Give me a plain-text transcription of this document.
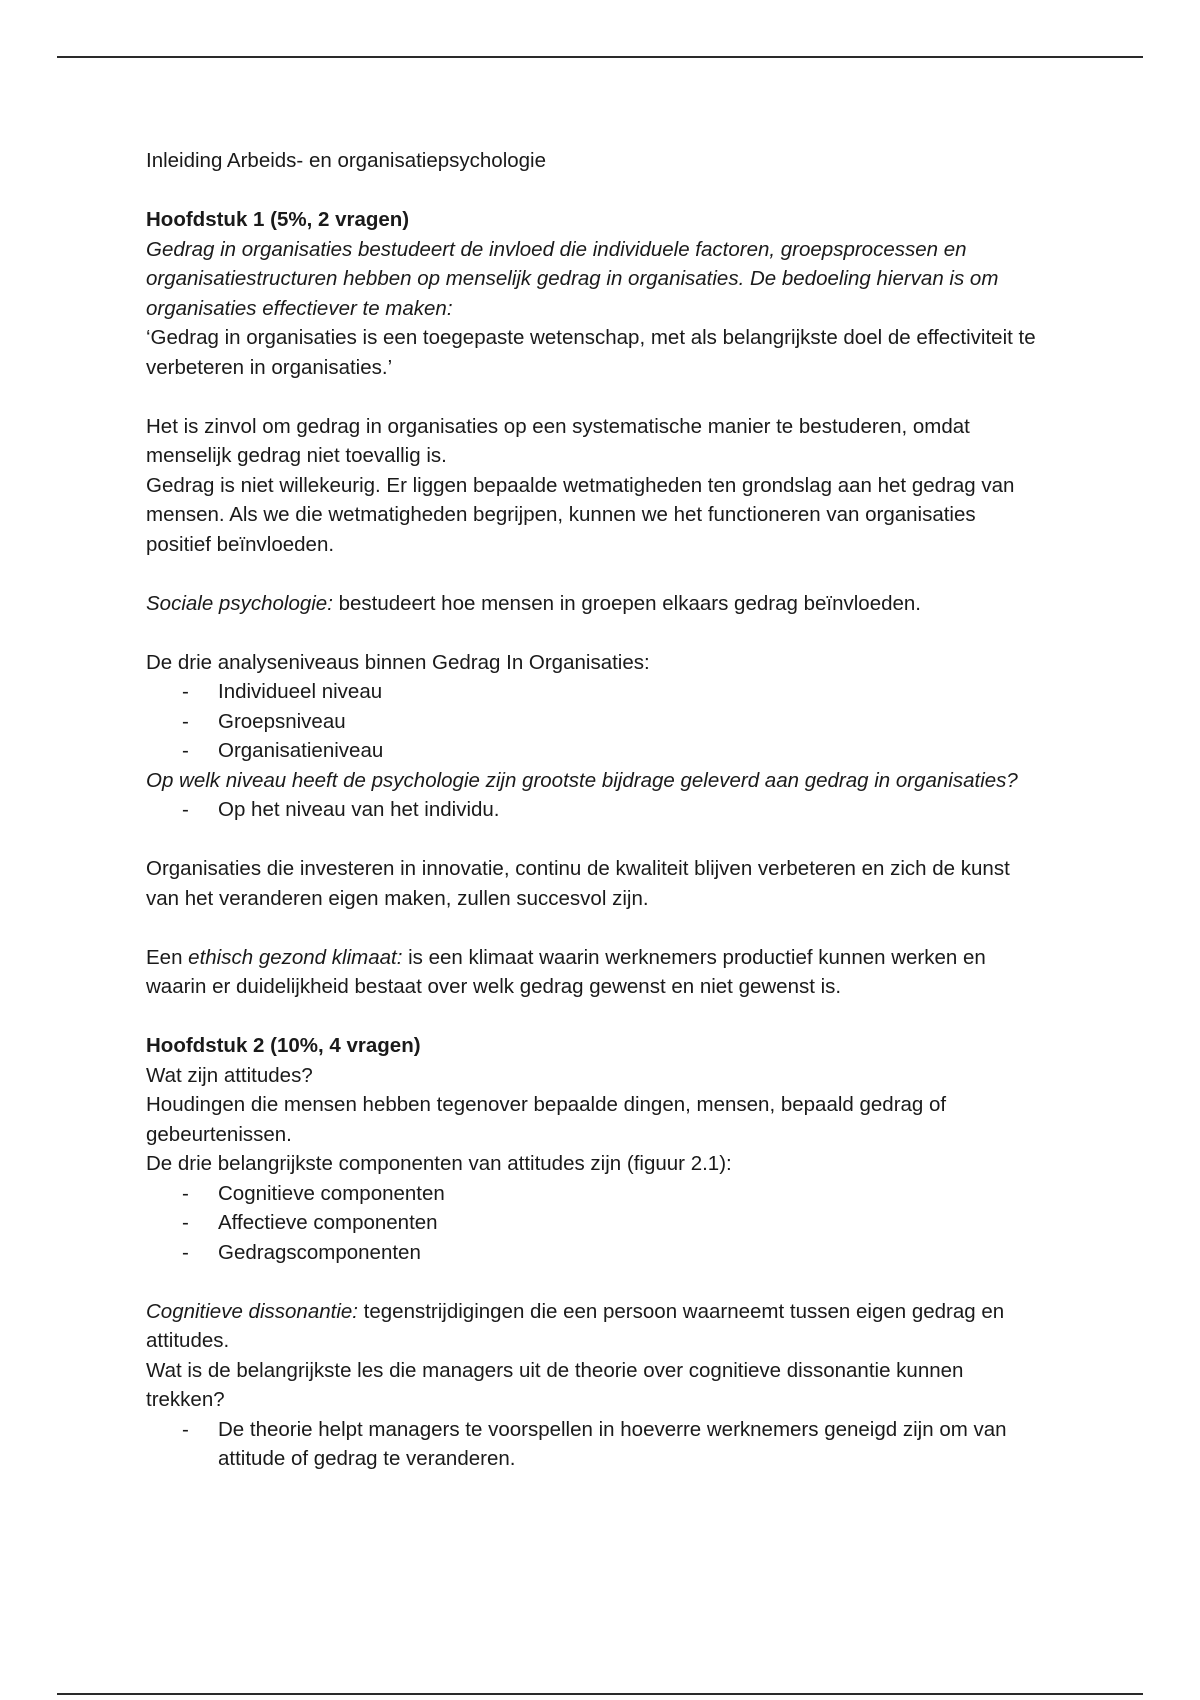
Inleiding Arbeids- en organisatiepsychologie

Hoofdstuk 1 (5%, 2 vragen)

Gedrag in organisaties bestudeert de invloed die individuele factoren, groepsprocessen en organisatiestructuren hebben op menselijk gedrag in organisaties. De bedoeling hiervan is om organisaties effectiever te maken:

‘Gedrag in organisaties is een toegepaste wetenschap, met als belangrijkste doel de effectiviteit te verbeteren in organisaties.’

Het is zinvol om gedrag in organisaties op een systematische manier te bestuderen, omdat menselijk gedrag niet toevallig is.

Gedrag is niet willekeurig. Er liggen bepaalde wetmatigheden ten grondslag aan het gedrag van mensen. Als we die wetmatigheden begrijpen, kunnen we het functioneren van organisaties positief beïnvloeden.

Sociale psychologie: bestudeert hoe mensen in groepen elkaars gedrag beïnvloeden.

De drie analyseniveaus binnen Gedrag In Organisaties:

- Individueel niveau
- Groepsniveau
- Organisatieniveau

Op welk niveau heeft de psychologie zijn grootste bijdrage geleverd aan gedrag in organisaties?

- Op het niveau van het individu.

Organisaties die investeren in innovatie, continu de kwaliteit blijven verbeteren en zich de kunst van het veranderen eigen maken, zullen succesvol zijn.

Een ethisch gezond klimaat: is een klimaat waarin werknemers productief kunnen werken en waarin er duidelijkheid bestaat over welk gedrag gewenst en niet gewenst is.

Hoofdstuk 2 (10%, 4 vragen)

Wat zijn attitudes?

Houdingen die mensen hebben tegenover bepaalde dingen, mensen, bepaald gedrag of gebeurtenissen.

De drie belangrijkste componenten van attitudes zijn (figuur 2.1):

- Cognitieve componenten
- Affectieve componenten
- Gedragscomponenten

Cognitieve dissonantie: tegenstrijdigingen die een persoon waarneemt tussen eigen gedrag en attitudes.

Wat is de belangrijkste les die managers uit de theorie over cognitieve dissonantie kunnen trekken?

- De theorie helpt managers te voorspellen in hoeverre werknemers geneigd zijn om van attitude of gedrag te veranderen.
